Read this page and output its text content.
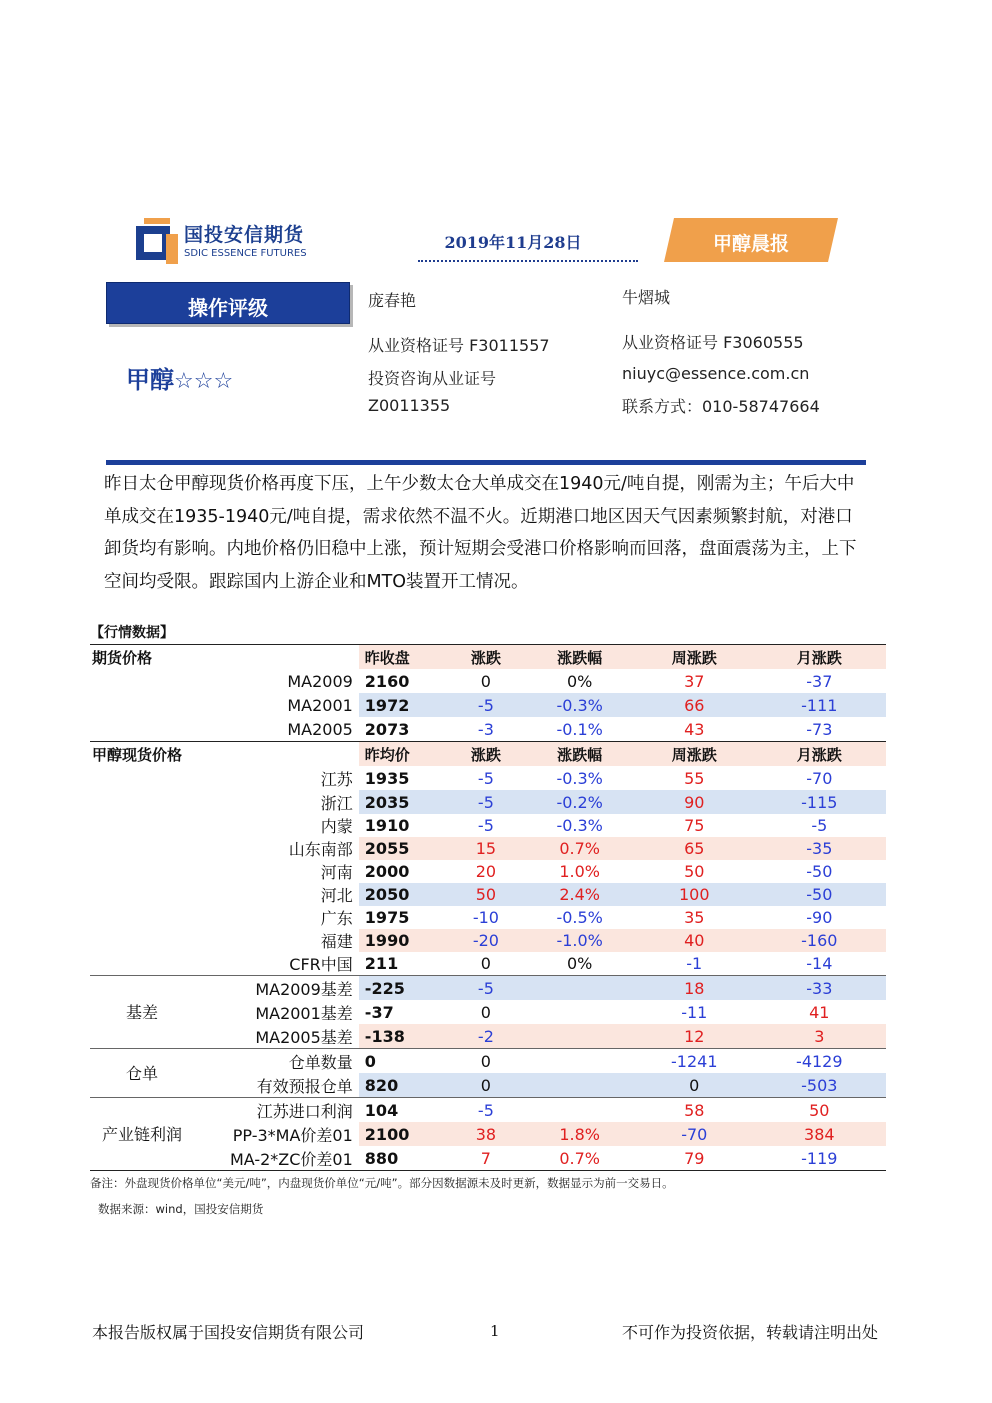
国投安信期货
SDIC ESSENCE FUTURES
2019年11月28日	甲醇晨报
操作评级
甲醇☆☆☆
庞春艳
从业资格证号 F3011557
投资咨询从业证号
Z0011355
牛熠城
从业资格证号 F3060555
niuyc@essence.com.cn
联系方式：010-58747664
昨日太仓甲醇现货价格再度下压，上午少数太仓大单成交在1940元/吨自提，刚需为主；午后大中单成交在1935-1940元/吨自提，需求依然不温不火。近期港口地区因天气因素频繁封航，对港口卸货均有影响。内地价格仍旧稳中上涨，预计短期会受港口价格影响而回落，盘面震荡为主，上下空间均受限。跟踪国内上游企业和MTO装置开工情况。
【行情数据】
期货价格	昨收盘	涨跌	涨跌幅	周涨跌	月涨跌
MA2009	2160	0	0%	37	-37
MA2001	1972	-5	-0.3%	66	-111
MA2005	2073	-3	-0.1%	43	-73
甲醇现货价格	昨均价	涨跌	涨跌幅	周涨跌	月涨跌
江苏	1935	-5	-0.3%	55	-70
浙江	2035	-5	-0.2%	90	-115
内蒙	1910	-5	-0.3%	75	-5
山东南部	2055	15	0.7%	65	-35
河南	2000	20	1.0%	50	-50
河北	2050	50	2.4%	100	-50
广东	1975	-10	-0.5%	35	-90
福建	1990	-20	-1.0%	40	-160
CFR中国	211	0	0%	-1	-14

基差
MA2009基差	-225	-5		18	-33
MA2001基差	-37	0		-11	41
MA2005基差	-138	-2		12	3

仓单
仓单数量	0	0		-1241	-4129
有效预报仓单	820	0		0	-503

产业链利润
江苏进口利润	104	-5		58	50
PP-3*MA价差01	2100	38	1.8%	-70	384
MA-2*ZC价差01	880	7	0.7%	79	-119
备注：外盘现货价格单位“美元/吨”，内盘现货价单位“元/吨”。部分因数据源未及时更新，数据显示为前一交易日。
数据来源：wind，国投安信期货
本报告版权属于国投安信期货有限公司	1	不可作为投资依据，转载请注明出处
